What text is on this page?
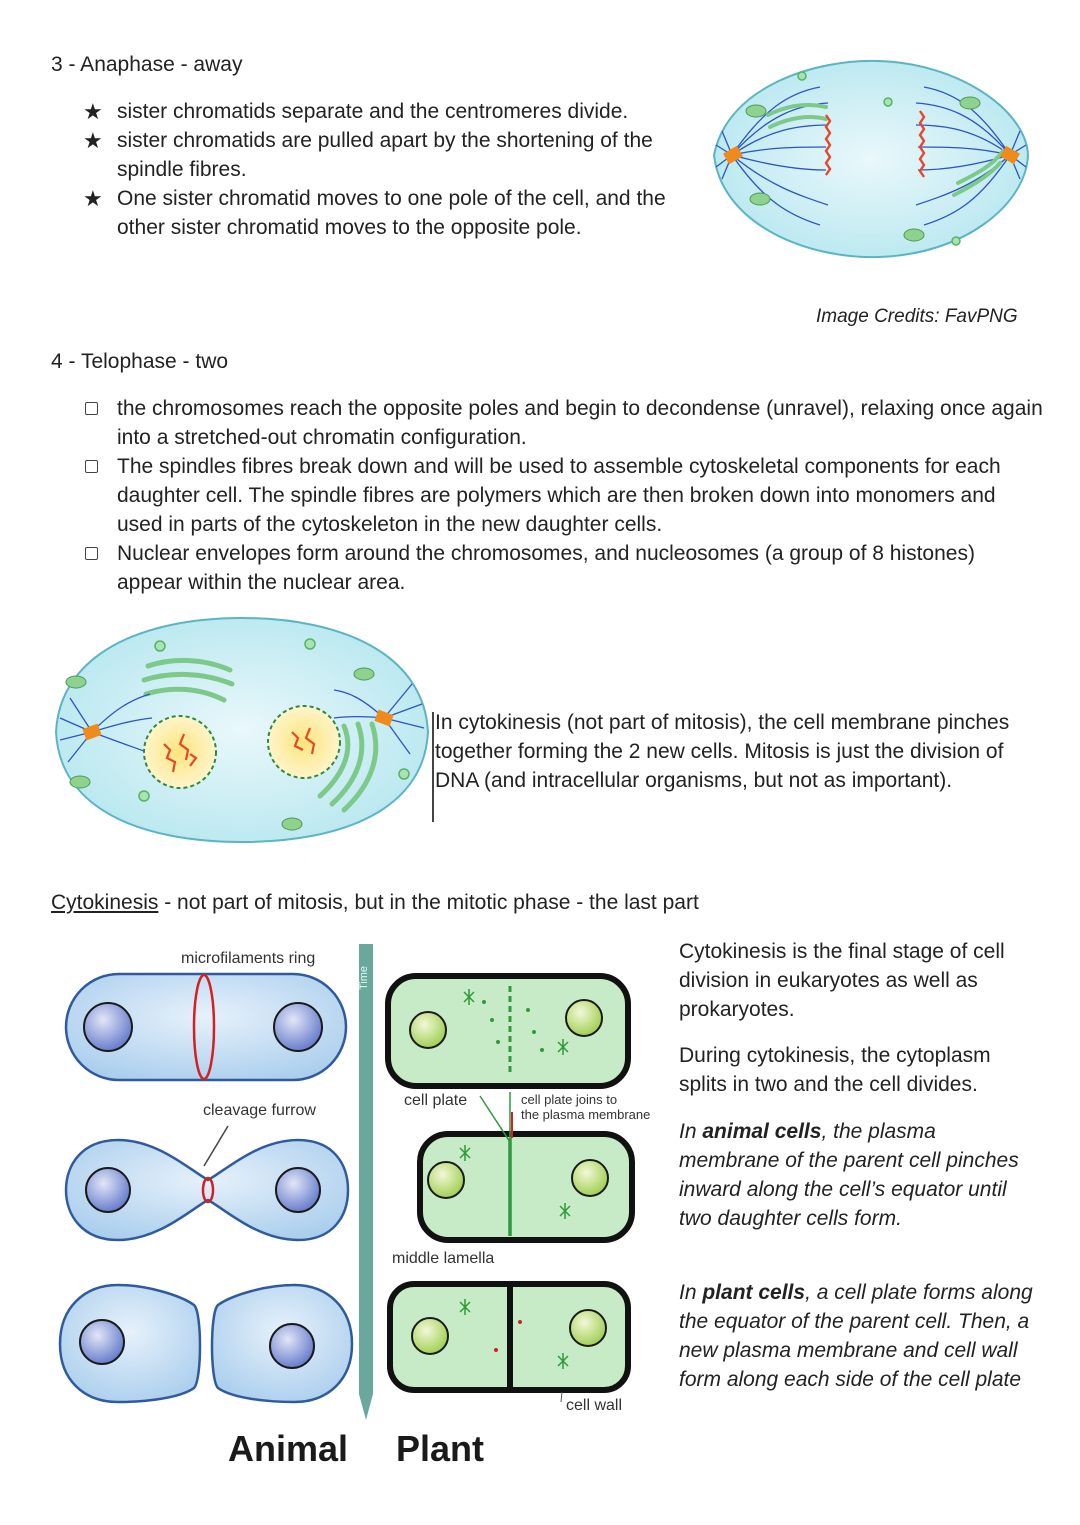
3 - Anaphase - away
★ sister chromatids separate and the centromeres divide.
★ sister chromatids are pulled apart by the shortening of the spindle fibres.
★ One sister chromatid moves to one pole of the cell, and the other sister chromatid moves to the opposite pole.
Image Credits: FavPNG
4 - Telophase - two
the chromosomes reach the opposite poles and begin to decondense (unravel), relaxing once again into a stretched-out chromatin configuration.
The spindles fibres break down and will be used to assemble cytoskeletal components for each daughter cell. The spindle fibres are polymers which are then broken down into monomers and used in parts of the cytoskeleton in the new daughter cells.
Nuclear envelopes form around the chromosomes, and nucleosomes (a group of 8 histones) appear within the nuclear area.
In cytokinesis (not part of mitosis), the cell membrane pinches together forming the 2 new cells. Mitosis is just the division of DNA (and intracellular organisms, but not as important).
Cytokinesis - not part of mitosis, but in the mitotic phase - the last part
microfilaments ring
cleavage furrow
Time
cell plate	cell plate joins to
the plasma membrane
middle lamella
cell wall
Animal Plant
Cytokinesis is the final stage of cell division in eukaryotes as well as prokaryotes.
During cytokinesis, the cytoplasm splits in two and the cell divides.
In animal cells, the plasma membrane of the parent cell pinches inward along the cell’s equator until two daughter cells form.
In plant cells, a cell plate forms along the equator of the parent cell. Then, a new plasma membrane and cell wall form along each side of the cell plate
